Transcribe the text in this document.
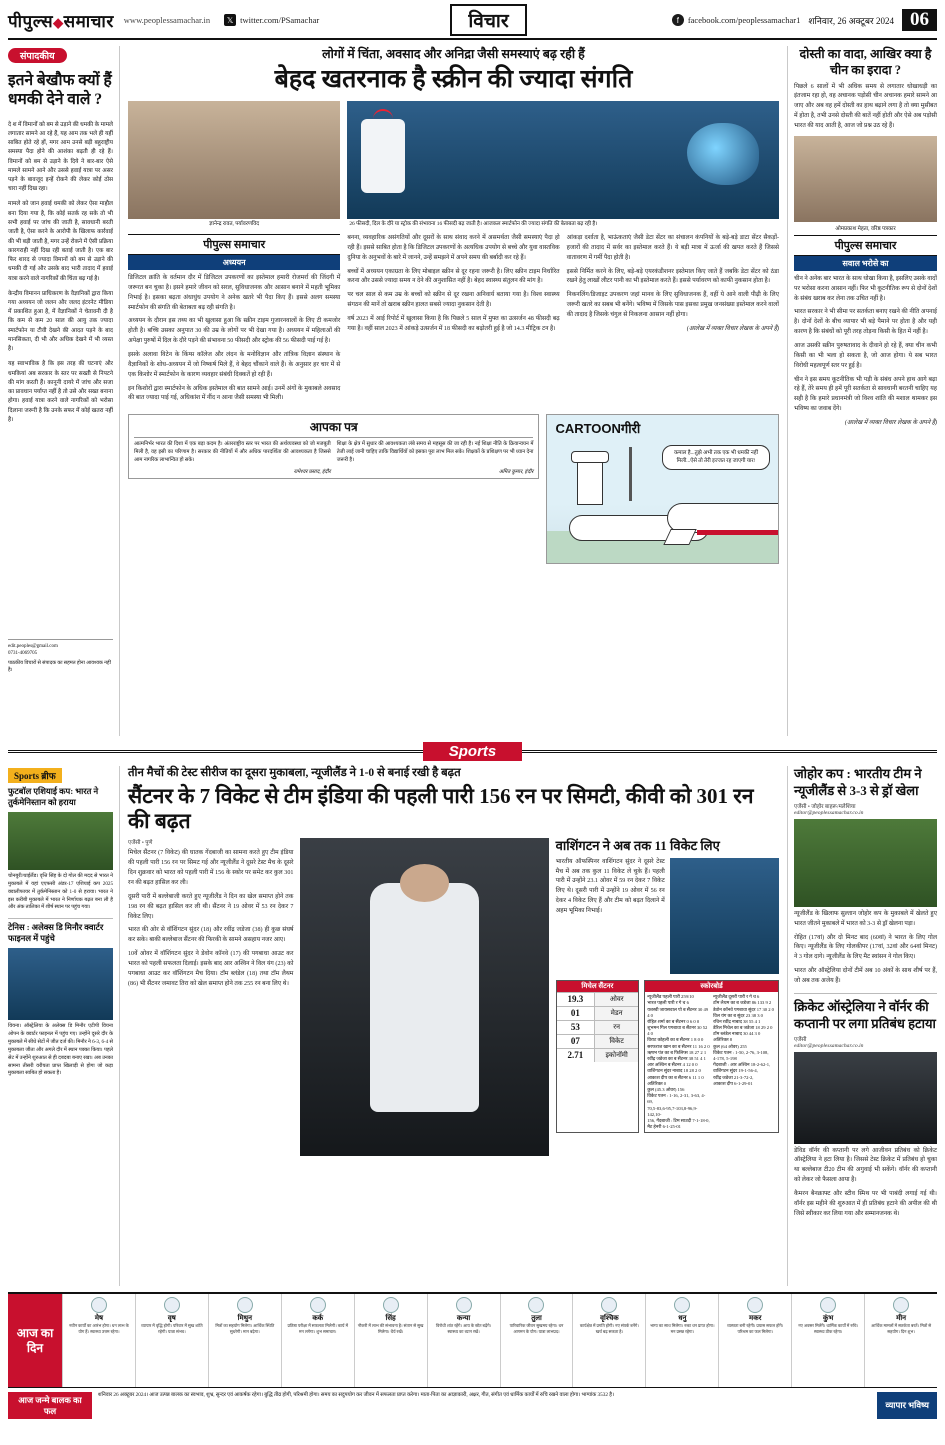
पीपुल्स◆समाचार www.peoplessamachar.in	𝕏 twitter.com/PSamachar	विचार	f	facebook.com/peoplessamachar1 शनिवार, 26 अक्टूबर 2024 06
संपादकीय
इतने बेखौफ क्यों हैं धमकी देने वाले ?

दे श में विमानों को बम से उड़ाने की धमकी के मामले लगातार सामने आ रहे हैं, यह आम तक भले ही यहीं साबित होते रहे हों, मगर आम उनसे बड़ी बहुराष्ट्रीय समस्या पैदा होने की आशंका बढ़ती ही रहे हैं। विमानों को बम से उड़ाने के दिये ने बार-बार ऐसे मामले सामने आने और उससे हवाई यात्रा पर असर पड़ने के बावजूद इन्हें रोकने की लेकर कोई ठोस चारा नहीं दिख रहा।

मामले को जान हवाई धमकी को लेकर ऐसा माहौल बना दिया गया है, कि कोई सतर्क रह सके तो भी सभी हवाई पर जांच की जाती है, सावधानी बरती जाती है, ऐसा करने के आरोपी के खिलाफ कार्रवाई की भी बड़ी जाती है, मगर उन्हें रोकने में ऐसी प्रक्रिया कारगराही नहीं दिख रही बताई जाती है। एक बार फिर शारद से ज्यादा विमानों को बम से उड़ाने की धमकी दी गई और उसके बाद भारी तादाद में हवाई यात्रा करने वाले नागरिकों की चिंता बढ़ गई है।

केन्द्रीय विमानन प्राधिकरण के वैज्ञानिकों द्वारा किया गया अध्ययन जो जलन और जलद इंटरनेट मीडिया में प्रकाशित हुआ है, में वैज्ञानिकों ने चेतावनी दी है कि कम से कम 20 साल की आयु तक ज्यादा स्मार्टफोन या टीवी देखने की आदत पड़ने के बाद मानसिकता, दी भी और अधिक देखने में भी व्यस्त है।

यह स्वाभाविक है कि इस तरह की घटनाएं और धमकियां अब सरकार के स्तर पर सख्ती से निपटने की मांग करती हैं। कानूनी दायरे में जांच और सजा का प्रावधान पर्याप्त नहीं है तो उसे और सख्त बनाना होगा। हवाई यात्रा करने वाले नागरिकों को भरोसा दिलाना जरूरी है कि उनके सफर में कोई खतरा नहीं है।

edit.peoples@gmail.com
0731-4069705
पाठकीय विचारों से संपादक का सहमत होना आवश्यक नहीं है।
लोगों में चिंता, अवसाद और अनिद्रा जैसी समस्याएं बढ़ रही हैं
बेहद खतरनाक है स्क्रीन की ज्यादा संगति
ज्ञानेन्द्र रावत, पर्यावरणविद	26 फीसदी, दिल के दौरे या स्ट्रोक की संभावना 16 फीसदी बढ़ जाती है। आजकल स्मार्टफोन की ज्यादा संगति की बेताबता बढ़ रही है।
पीपुल्स समाचार
अध्ययन

डिजिटल क्रांति के वर्तमान दौर में डिजिटल उपकरणों का इस्तेमाल हमारी रोजमर्रा की जिंदगी में जरूरत बन चुका है। इसने हमारे जीवन को सरल, सुविधाजनक और आसान बनाने में महती भूमिका निभाई है। इसका बढ़ता अंधाधुंध उपयोग ने अनेक खतरे भी पैदा किए हैं। इससे अलग समस्या स्मार्टफोन की संगति की बेताबता बढ़ रही संगति है।

अध्ययन के दौरान इस तथ्य का भी खुलासा हुआ कि स्क्रीन टाइम गुजारनवालों के लिए टी कमजोर होती है। बच्चि उसका अनुपात 30 की उम्र के लोगों पर भी देखा गया है। अध्ययन में महिलाओं की अपेक्षा पुरुषों में दिल के दौरे पड़ने की संभावना 50 फीसदी और स्ट्रोक की 56 फीसदी पाई गई है।

इसके अलावा विटेन के किंग्स कॉलेज और लंदन के मनोविज्ञान और तांत्रिक विज्ञान संस्थान के वैज्ञानिकों के शोध-अध्ययन में जो निष्कर्ष मिले हैं, वे बेहद चौंकाने वाले हैं। के अनुसार हर चार में से एक किशोर में स्मार्टफोन के कारण व्यवहार संबंधी दिक्कतें हो रही हैं।

इन किशोरों द्वारा स्मार्टफोन के अधिक इस्तेमाल की बात सामने आई। उनमें अंगों के मुकाबले अवसाद की बात ज्यादा पाई गई, अधिकांश में नींद न आना जैसी समस्या भी मिली।

बनना, व्यवहारिक असंगतियों और दूसरों के साथ संवाद करने में असमर्थता जैसी समस्याएं पैदा हो रही हैं। इससे साबित होता है कि डिजिटल उपकरणों के अत्यधिक उपयोग से बच्चे और युवा वास्तविक दुनिया के अनुभवों के बारे में जानने, उन्हें समझने में अपने समय की बर्बादी कर रहे हैं।

बच्चों में अध्ययन एकाग्रता के लिए मोबाइल स्क्रीन से दूर रहना जरूरी है। लिए स्क्रीन टाइम निर्धारित करना और उससे ज्यादा समय न देने की अनुशासित नहीं है। बेहद स्वास्थ्य संतुलन की मांग है।

पर चल साल से कम उम्र के बच्चों को स्क्रीन से दूर रखना अनिवार्य बताया गया है। विश्व स्वास्थ्य संगठन की मानें तो खराब स्क्रीन हालत सबसे ज्यादा नुकसान देती है।

वर्ष 2023 में आई रिपोर्ट में खुलासा किया है कि पिछले 5 साल में मुफ्त का उत्सर्जन 48 फीसदी बढ़ गया है। वहीं साल 2023 में आंकड़े उत्सर्जन में 18 फीसदी का बढ़ोतरी हुई है जो 14.3 मीट्रिक टन है।

आंकड़ा दर्शाता है, भाऊंकताएं जैसी डेटा सेंटर का संचालन कंपनियों के बड़े-बड़े डाटा सेंटर सैकड़ों-हजारों की तादाद में सर्वर का इस्तेमाल करते हैं। ये बड़ी मात्रा में ऊर्जा की खपत करते हैं जिससे वातावरण में गर्मी पैदा होती है।

इससे निर्मित करने के लिए, बड़े-बड़े एयरकंडीशनर इस्तेमाल किए जाते हैं जबकि डेटा सेंटर को ठंडा रखने हेतु लाखों लीटर पानी का भी इस्तेमाल करते हैं। इससे पर्यावरण को काफी नुकसान होता है।

निकनलिंग/डिजाइट उपकरण जहां मानव के लिए सुविधाजनक हैं, वहीं ये आने वाली पीढ़ी के लिए जरूरी खतरे का सबब भी बनेंगे। भविष्य में जिसके पास इसका प्रमुख जनसंख्या इस्तेमाल करने वालों की तादाद है जिसके चंगुल से निकलना आसान नहीं होगा।

(आलेख में व्यक्त विचार लेखक के अपने हैं)

आपका पत्र
आत्मनिर्भर भारत की दिशा में एक बड़ा कदम है। अंतरराष्ट्रीय स्तर पर भारत की अर्थव्यवस्था को जो मजबूती मिली है, वह इसी का परिणाम है। सरकार की नीतियों में और अधिक पारदर्शिता की आवश्यकता है जिससे आम नागरिक लाभान्वित हो सके।
रामेश्वर प्रसाद, इंदौर
शिक्षा के क्षेत्र में सुधार की आवश्यकता लंबे समय से महसूस की जा रही है। नई शिक्षा नीति के क्रियान्वयन में तेजी लाई जानी चाहिए ताकि विद्यार्थियों को इसका पूरा लाभ मिल सके। शिक्षकों के प्रशिक्षण पर भी ध्यान देना जरूरी है।
अमित कुमार, इंदौर
CARTOONगीरी
कमाल है...तुझे अभी तक एक भी धमकी नहीं मिली...ऐसे तो तेरी इज्जत रह जाएगी यार!
दोस्ती का वादा, आखिर क्या है चीन का इरादा ?

पिछले 6 सालों में भी अधिक समय से लगातार धोखाधड़ी का इंतजाम रहा हो, वह अचानक पड़ोसी चीन अचानक हमारे सामने आ जाए और अब वह हमें दोस्ती का हाथ बढ़ाने लगा है तो क्या मुसीबत में होता है, तभी उनसे दोस्ती की बातें नहीं होती और ऐसे अब पड़ोसी भारत की याद आती है, आज जो प्रश्न उठ रहे हैं।

ओमप्रकाश मेहता, वरिष्ठ पत्रकार
पीपुल्स समाचार
सवाल भरोसे का

चीन ने अनेक बार भारत के साथ धोखा किया है, इसलिए उसके वादों पर भरोसा करना आसान नहीं। फिर भी कूटनीतिक रूप से दोनों देशों के संबंध खराब कर लेना तक उचित नहीं है।

भारत सरकार ने भी सीमा पर सतर्कता बनाए रखने की नीति अपनाई है। दोनों देशों के बीच व्यापार भी बड़े पैमाने पर होता है और यही कारण है कि संबंधों को पूरी तरह तोड़ना किसी के हित में नहीं है।

आज उसकी स्क्रीन पुरुषतावाद के दीवाने हो रहे हैं, क्या चीन कभी किसी का भी भला हो सकता है, जो आज होगा। ये सब भारत विरोधी महत्वपूर्ण स्तर पर हुई है।

चीन ने इस समय कूटनीतिक भी पड़ी के संबंध अपने हाथ आगे बढ़ा रहे हैं, तेरे समय ही हमें पूरी सतर्कता से सावधानी बरतनी चाहिए यह सही है कि हमारे प्रधानमंत्री जो विश्व शांति की मशाल थामकर इस भविष्य का जवाब देंगे।

(आलेख में व्यक्त विचार लेखक के अपने हैं)

Sports
Sports ब्रीफ
फुटबॉल एशियाई कप: भारत ने तुर्कमेनिस्तान को हराया
चोनबुरी/थाईलैंड। वृत्ति सिंह के दो गोल की मदद से भारत ने मुकाबले में यहां एएफसी अंडर-17 एशियाई कप 2025 क्वालीफायर में तुर्कमेनिस्तान को 1-0 से हराया। भारत ने इस करीबी मुकाबले में भारत ने निर्णायक बढ़त बना ली है और अंक तालिका में शीर्ष स्थान पर पहुंच गया।
टेनिस : अलेक्स डि मिनौर क्वार्टर फाइनल में पहुंचे
वियना। ऑस्ट्रेलिया के अलेक्स डि मिनौर एटीपी वियना ओपन के क्वार्टर फाइनल में पहुंच गए। उन्होंने दूसरे दौर के मुकाबले में सीधे सेटों में जीत दर्ज की। मिनौर ने 6-3, 6-4 से मुकाबला जीता और अगले दौर में स्थान पक्का किया। पहले सेट में उन्होंने शुरुआत से ही दबदबा बनाए रखा। अब उनका सामना तीसरी वरीयता प्राप्त खिलाड़ी से होगा जो कड़ा मुकाबला साबित हो सकता है।
तीन मैचों की टेस्ट सीरीज का दूसरा मुकाबला, न्यूजीलैंड ने 1-0 से बनाई रखी है बढ़त
सैंटनर के 7 विकेट से टीम इंडिया की पहली पारी 156 रन पर सिमटी, कीवी को 301 रन की बढ़त
एजेंसी • पुणे

मिचेल सैंटनर (7 विकेट) की घातक गेंदबाजी का सामना करते हुए टीम इंडिया की पहली पारी 156 रन पर सिमट गई और न्यूजीलैंड ने दूसरे टेस्ट मैच के दूसरे दिन शुक्रवार को भारत को पहली पारी में 156 के स्कोर पर समेट कर कुल 301 रन की बढ़त हासिल कर ली।

दूसरी पारी में बल्लेबाजी करते हुए न्यूजीलैंड ने दिन का खेल समाप्त होने तक 198 रन की बढ़त हासिल कर ली थी। सैंटनर ने 19 ओवर में 53 रन देकर 7 विकेट लिए।

भारत की ओर से वॉशिंगटन सुंदर (18) और रवींद्र जडेजा (38) ही कुछ संघर्ष कर सके। बाकी बल्लेबाज सैंटनर की फिरकी के सामने असहाय नजर आए।

10वें ओवर में वॉशिंगटन सुंदर ने डेवोन कॉनवे (17) की पगबाधा आउट कर भारत को पहली सफलता दिलाई। इसके बाद आर अश्विन ने विल यंग (23) को पगबाधा आउट कर वॉशिंगटन मैच दिया। टॉम ब्लंडेल (18) तथा टॉम लैथम (86) भी सैंटनर जमावट तिरा को खेल समाप्त होने तक 255 रन बना लिए थे।

वाशिंगटन ने अब तक 11 विकेट लिए
भारतीय ऑफस्पिनर वाशिंगटन सुंदर ने दूसरे टेस्ट मैच में अब तक कुल 11 विकेट ले चुके हैं। पहली पारी में उन्होंने 23.1 ओवर में 59 रन देकर 7 विकेट लिए थे। दूसरी पारी में उन्होंने 19 ओवर में 56 रन देकर 4 विकेट लिए हैं और टीम को बढ़त दिलाने में अहम भूमिका निभाई।
मिचेल सैंटनर
19.3	ओवर
01	मेडन
53	रन
07	विकेट
2.71	इकोनॉमी
स्कोरबोर्ड
न्यूजीलैंड पहली पारी 259/10
भारत पहली पारी र गे च 6
यशस्वी जायसवाल पो ब सैंटनर 30 49 4 0
रोहित शर्मा का ब सैंटनर 0 6 0 0
शुभमन गिल पगबाधा ब सैंटनर 30 52 4 0
विराट कोहली का ब सैंटनर 1 8 0 0
सरफराज खान का ब सैंटनर 11 16 2 0
ऋषभ पंत का ब फिलिप्स 18 27 2 1
रवींद्र जडेजा का ब सैंटनर 38 51 4 1
आर अश्विन ब सैंटनर 4 12 0 0
वाशिंगटन सुंदर नाबाद 18 28 2 0
आकाश दीप का ब सैंटनर 6 11 1 0
अतिरिक्त 0
कुल (45.3 ओवर) 156
विकेट पतन : 1-16, 2-31, 3-63, 4-69,
70,5-83,6-95,7-103,8-96,9-142,10-
156, गेंदबाजी : टिम साउदी 7-1-18-0,
मैट हेनरी 6-1-25-01
न्यूजीलैंड दूसरी पारी र गे च 6
टॉम लैथम का ब जडेजा 86 133 9 2
डेवोन कॉनवे पगबाधा सुंदर 17 30 2 0
विल यंग का ब सुंदर 23 38 3 0
रचिन रवींद्र नाबाद 38 55 4 1
डेरिल मिचेल का ब जडेजा 18 29 2 0
टॉम ब्लंडेल नाबाद 30 44 3 0
अतिरिक्त 8
कुल (64 ओवर) 255
विकेट पतन : 1-50, 2-76, 3-108,
4-178, 5-198
गेंदबाजी : आर अश्विन 18-2-62-1,
वाशिंगटन सुंदर 19-1-56-4,
रवींद्र जडेजा 21-3-72-2,
आकाश दीप 6-1-29-01
जोहोर कप : भारतीय टीम ने न्यूजीलैंड से 3-3 से ड्रॉ खेला
एजेंसी • जोहोर बाहरू/मलेशिया
editor@peoplessamachar.co.in

न्यूजीलैंड के खिलाफ सुल्तान जोहोर कप के मुकाबले में खेलते हुए भारत जीतने मुकाबले में भारत को 3-3 से ड्रॉ खेलना पड़ा।

रोहित (17वां) और दो मिनट बाद (60वां) ने भारत के लिए गोल किए। न्यूजीलैंड के लिए गोलकीपर (17वां, 32वां और 64वां मिनट) ने 3 गोल दागे। न्यूजीलैंड के लिए मैट स्वांसन ने गोल किए।

भारत और ऑस्ट्रेलिया दोनों टीमें अब 10 अंकों के साथ शीर्ष पर हैं, जो अब तक अजेय हैं।

क्रिकेट ऑस्ट्रेलिया ने वॉर्नर की कप्तानी पर लगा प्रतिबंध हटाया
एजेंसी
editor@peoplessamachar.co.in

डेविड वॉर्नर की कप्तानी पर लगे आजीवन प्रतिबंध को क्रिकेट ऑस्ट्रेलिया ने हटा लिया है। जिससे टेस्ट क्रिकेट में प्रतिबंध हो चुका था बल्लेबाज टी20 टीम की अगुवाई भी सकेंगे। वॉर्नर की कप्तानी को लेकर जो फैसला आया है।

कैमरन बैनक्राफ्ट और स्टीव स्मिथ पर भी पाबंदी लगाई गई थी। वॉर्नर इस महीने की शुरुआत में ही प्रतिबंध हटाने की अपील की थी जिसे स्वीकार कर लिया गया और सम्मानजनक थे।

आज का दिन
मेष
नवीन कार्यों का आरंभ होगा। धन लाभ के योग हैं। स्वास्थ्य उत्तम रहेगा।
वृष
व्यापार में वृद्धि होगी। परिवार में सुख शांति रहेगी। यात्रा संभव।
मिथुन
मित्रों का सहयोग मिलेगा। आर्थिक स्थिति सुधरेगी। मान बढ़ेगा।
कर्क
प्रतिष्ठा परीक्षा में सफलता मिलेगी। कार्य में मन लगेगा। शुभ समाचार।
सिंह
नौकरी में लाभ की संभावना है। संतान से सुख मिलेगा। धैर्य रखें।
कन्या
विरोधी शांत रहेंगे। आय के स्रोत बढ़ेंगे। स्वास्थ्य का ध्यान रखें।
तुला
पारिवारिक जीवन सुखमय रहेगा। धन आगमन के योग। यात्रा लाभप्रद।
वृश्चिक
कार्यक्षेत्र में प्रगति होगी। नए संपर्क बनेंगे। खर्च बढ़ सकता है।
धनु
भाग्य का साथ मिलेगा। रुका धन प्राप्त होगा। मन प्रसन्न रहेगा।
मकर
व्यस्तता बनी रहेगी। प्रयास सफल होंगे। परिश्रम का फल मिलेगा।
कुंभ
नए अवसर मिलेंगे। धार्मिक कार्यों में रुचि। स्वास्थ्य ठीक रहेगा।
मीन
आर्थिक मामलों में सतर्कता बरतें। मित्रों से सहयोग। दिन शुभ।
आज जन्मे बालक का फल
शनिवार 26 अक्टूबर 2024। आज उत्पन्न बालक का स्वभाव, शुभ्र, सुन्दर एवं आकर्षक रहेगा। बुद्धि तीव्र होगी, परिश्रमी होगा। समय का सदुपयोग कर जीवन में सफलता प्राप्त करेगा। माता-पिता का आज्ञाकारी, अक्षर, गीत, संगीत एवं धार्मिक कार्यों में रुचि रखने वाला होगा। भाग्यांक 3532 है।
व्यापार भविष्य
